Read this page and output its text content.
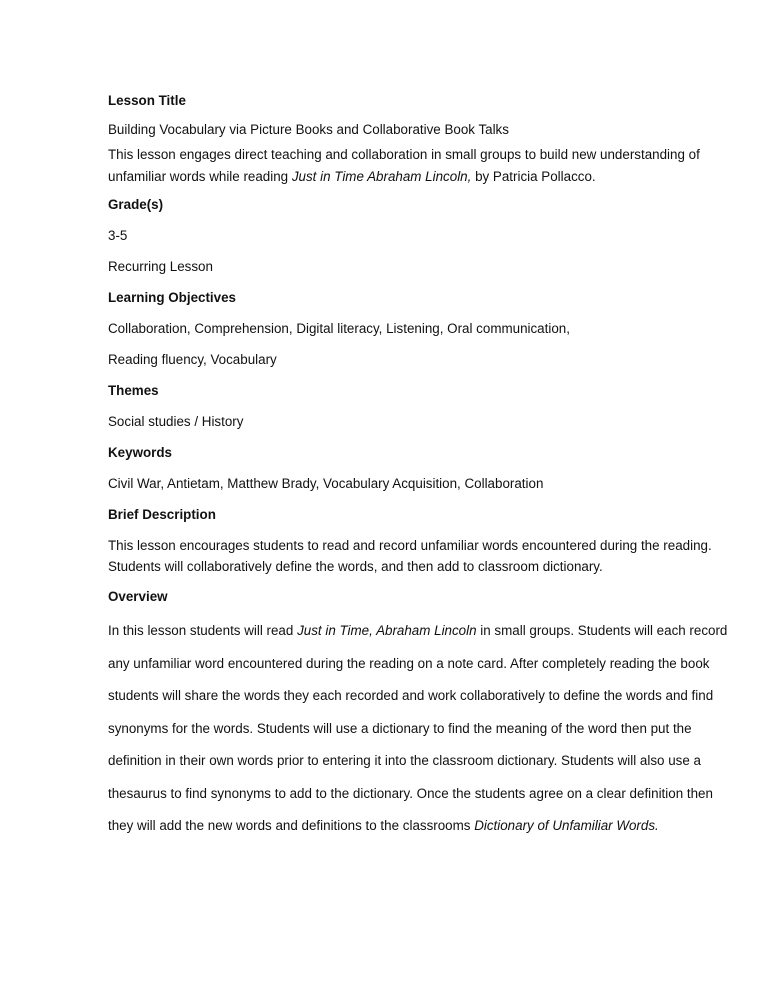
Lesson Title
Building Vocabulary via Picture Books and Collaborative Book Talks
This lesson engages direct teaching and collaboration in small groups to build new understanding of
unfamiliar words while reading Just in Time Abraham Lincoln, by Patricia Pollacco.
Grade(s)
3-5
Recurring Lesson
Learning Objectives
Collaboration, Comprehension, Digital literacy, Listening, Oral communication,
Reading fluency, Vocabulary
Themes
Social studies / History
Keywords
Civil War, Antietam, Matthew Brady, Vocabulary Acquisition, Collaboration
Brief Description
This lesson encourages students to read and record unfamiliar words encountered during the reading.
Students will collaboratively define the words, and then add to classroom dictionary.
Overview
In this lesson students will read Just in Time, Abraham Lincoln in small groups. Students will each record
any unfamiliar word encountered during the reading on a note card. After completely reading the book
students will share the words they each recorded and work collaboratively to define the words and find
synonyms for the words. Students will use a dictionary to find the meaning of the word then put the
definition in their own words prior to entering it into the classroom dictionary. Students will also use a
thesaurus to find synonyms to add to the dictionary. Once the students agree on a clear definition then
they will add the new words and definitions to the classrooms Dictionary of Unfamiliar Words.
